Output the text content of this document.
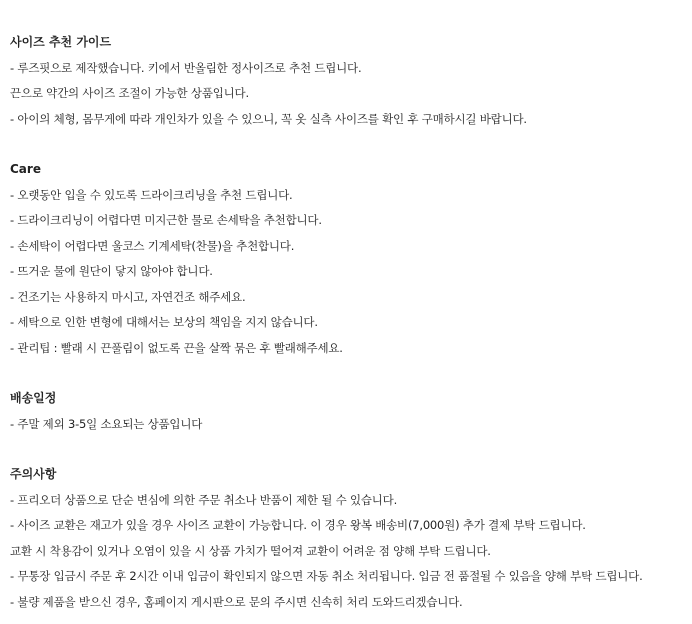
사이즈 추천 가이드

- 루즈핏으로 제작했습니다. 키에서 반올림한 정사이즈로 추천 드립니다.

끈으로 약간의 사이즈 조절이 가능한 상품입니다.

- 아이의 체형, 몸무게에 따라 개인차가 있을 수 있으니, 꼭 옷 실측 사이즈를 확인 후 구매하시길 바랍니다.

Care

- 오랫동안 입을 수 있도록 드라이크리닝을 추천 드립니다.

- 드라이크리닝이 어렵다면 미지근한 물로 손세탁을 추천합니다.

- 손세탁이 어렵다면 울코스 기계세탁(찬물)을 추천합니다.

- 뜨거운 물에 원단이 닿지 않아야 합니다.

- 건조기는 사용하지 마시고, 자연건조 해주세요.

- 세탁으로 인한 변형에 대해서는 보상의 책임을 지지 않습니다.

- 관리팁 : 빨래 시 끈풀림이 없도록 끈을 살짝 묶은 후 빨래해주세요.

배송일정

- 주말 제외 3-5일 소요되는 상품입니다

주의사항

- 프리오더 상품으로 단순 변심에 의한 주문 취소나 반품이 제한 될 수 있습니다.

- 사이즈 교환은 재고가 있을 경우 사이즈 교환이 가능합니다. 이 경우 왕복 배송비(7,000원) 추가 결제 부탁 드립니다.

교환 시 착용감이 있거나 오염이 있을 시 상품 가치가 떨어져 교환이 어려운 점 양해 부탁 드립니다.

- 무통장 입금시 주문 후 2시간 이내 입금이 확인되지 않으면 자동 취소 처리됩니다. 입금 전 품절될 수 있음을 양해 부탁 드립니다.

- 불량 제품을 받으신 경우, 홈페이지 게시판으로 문의 주시면 신속히 처리 도와드리겠습니다.
